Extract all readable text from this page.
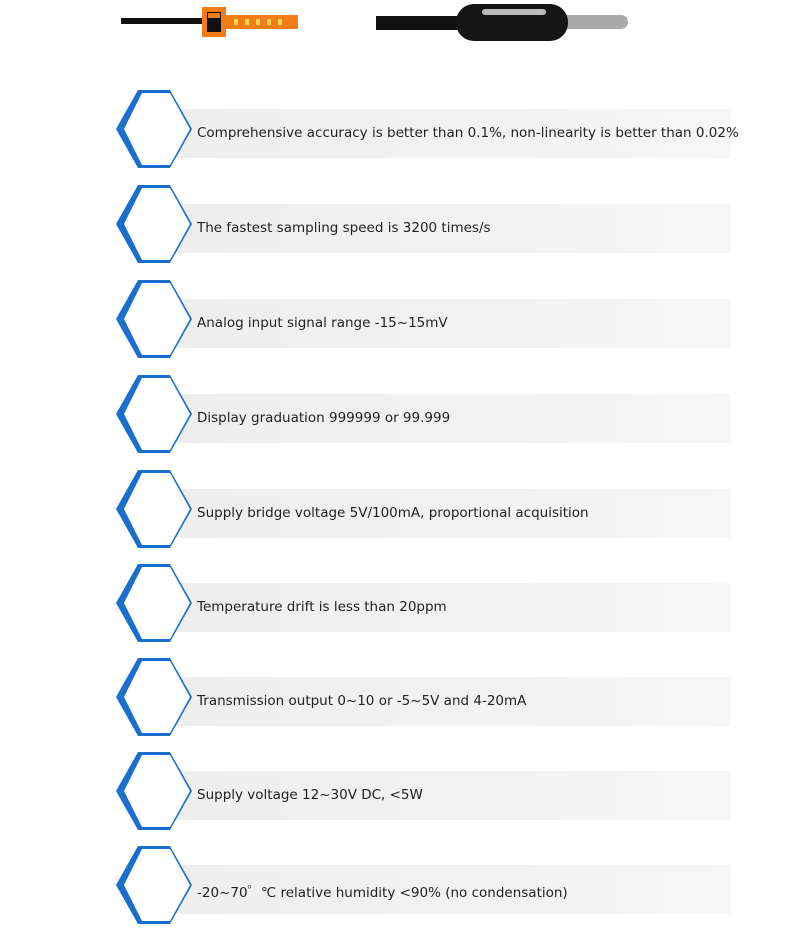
Comprehensive accuracy is better than 0.1%, non-linearity is better than 0.02%
The fastest sampling speed is 3200 times/s
Analog input signal range -15~15mV
Display graduation 999999 or 99.999
Supply bridge voltage 5V/100mA, proportional acquisition
Temperature drift is less than 20ppm
Transmission output 0~10 or -5~5V and 4-20mA
Supply voltage 12~30V DC, <5W
-20~70゜℃ relative humidity <90% (no condensation)
